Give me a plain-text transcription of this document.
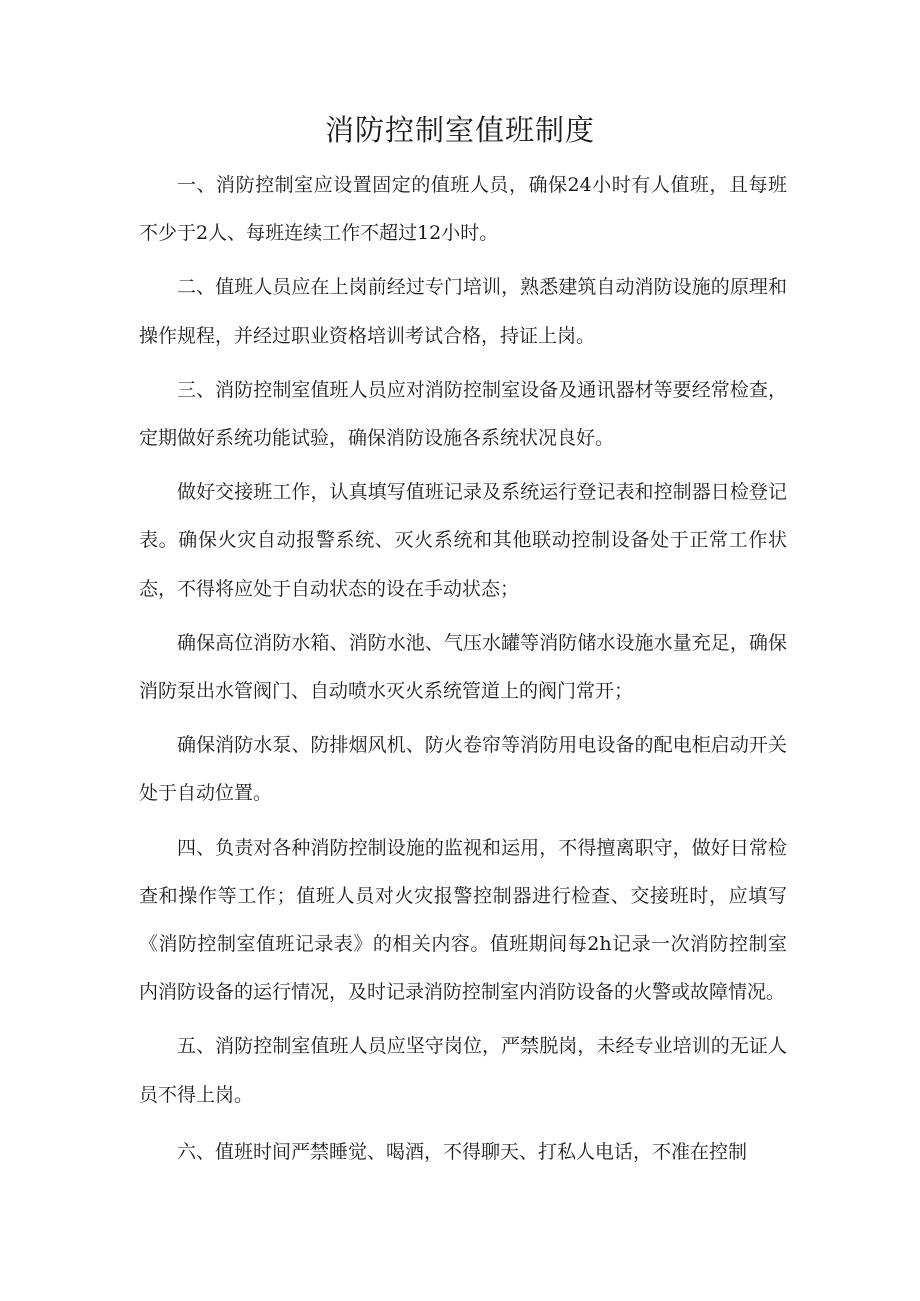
消防控制室值班制度

一、消防控制室应设置固定的值班人员，确保24小时有人值班，且每班不少于2人、每班连续工作不超过12小时。

二、值班人员应在上岗前经过专门培训，熟悉建筑自动消防设施的原理和操作规程，并经过职业资格培训考试合格，持证上岗。

三、消防控制室值班人员应对消防控制室设备及通讯器材等要经常检查，定期做好系统功能试验，确保消防设施各系统状况良好。

做好交接班工作，认真填写值班记录及系统运行登记表和控制器日检登记表。确保火灾自动报警系统、灭火系统和其他联动控制设备处于正常工作状态，不得将应处于自动状态的设在手动状态；

确保高位消防水箱、消防水池、气压水罐等消防储水设施水量充足，确保消防泵出水管阀门、自动喷水灭火系统管道上的阀门常开；

确保消防水泵、防排烟风机、防火卷帘等消防用电设备的配电柜启动开关处于自动位置。

四、负责对各种消防控制设施的监视和运用，不得擅离职守，做好日常检查和操作等工作；值班人员对火灾报警控制器进行检查、交接班时，应填写《消防控制室值班记录表》的相关内容。值班期间每2h记录一次消防控制室内消防设备的运行情况，及时记录消防控制室内消防设备的火警或故障情况。

五、消防控制室值班人员应坚守岗位，严禁脱岗，未经专业培训的无证人员不得上岗。

六、值班时间严禁睡觉、喝酒，不得聊天、打私人电话，不准在控制
